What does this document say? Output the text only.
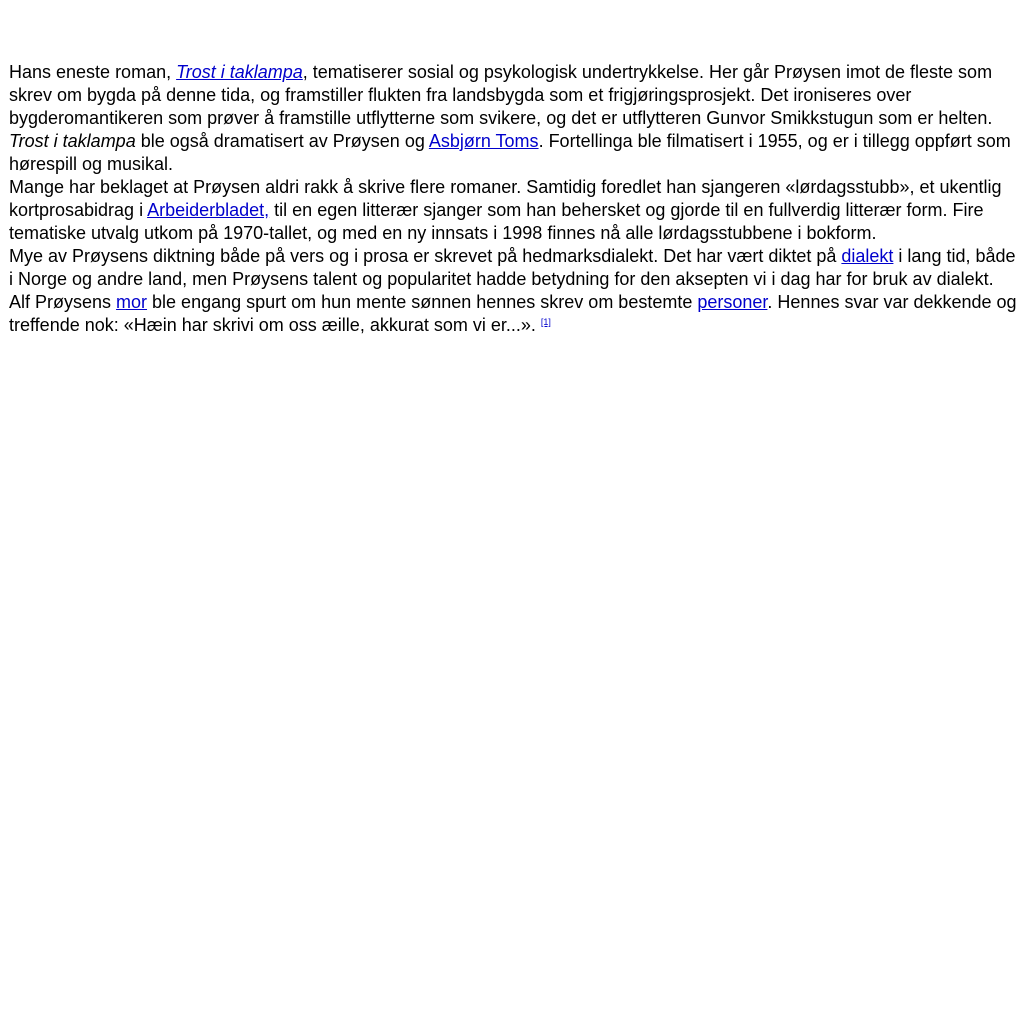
Hans eneste roman, Trost i taklampa, tematiserer sosial og psykologisk undertrykkelse. Her går Prøysen imot de fleste som skrev om bygda på denne tida, og framstiller flukten fra landsbygda som et frigjøringsprosjekt. Det ironiseres over bygderomantikeren som prøver å framstille utflytterne som svikere, og det er utflytteren Gunvor Smikkstugun som er helten. Trost i taklampa ble også dramatisert av Prøysen og Asbjørn Toms. Fortellinga ble filmatisert i 1955, og er i tillegg oppført som hørespill og musikal.

Mange har beklaget at Prøysen aldri rakk å skrive flere romaner. Samtidig foredlet han sjangeren «lørdagsstubb», et ukentlig kortprosabidrag i Arbeiderbladet, til en egen litterær sjanger som han behersket og gjorde til en fullverdig litterær form. Fire tematiske utvalg utkom på 1970-tallet, og med en ny innsats i 1998 finnes nå alle lørdagsstubbene i bokform.

Mye av Prøysens diktning både på vers og i prosa er skrevet på hedmarksdialekt. Det har vært diktet på dialekt i lang tid, både i Norge og andre land, men Prøysens talent og popularitet hadde betydning for den aksepten vi i dag har for bruk av dialekt.

Alf Prøysens mor ble engang spurt om hun mente sønnen hennes skrev om bestemte personer. Hennes svar var dekkende og treffende nok: «Hæin har skrivi om oss æille, akkurat som vi er...». [1]
